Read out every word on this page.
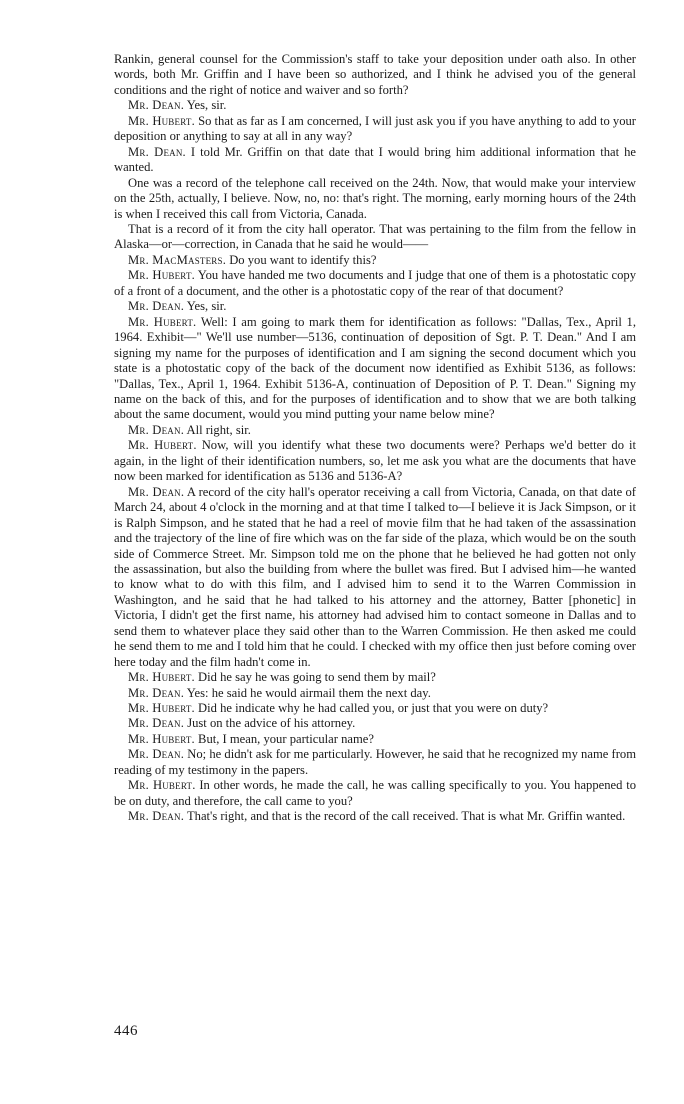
Rankin, general counsel for the Commission's staff to take your deposition under oath also. In other words, both Mr. Griffin and I have been so authorized, and I think he advised you of the general conditions and the right of notice and waiver and so forth?

Mr. Dean. Yes, sir.

Mr. Hubert. So that as far as I am concerned, I will just ask you if you have anything to add to your deposition or anything to say at all in any way?

Mr. Dean. I told Mr. Griffin on that date that I would bring him additional information that he wanted.

One was a record of the telephone call received on the 24th. Now, that would make your interview on the 25th, actually, I believe. Now, no, no: that's right. The morning, early morning hours of the 24th is when I received this call from Victoria, Canada.

That is a record of it from the city hall operator. That was pertaining to the film from the fellow in Alaska—or—correction, in Canada that he said he would——

Mr. MacMasters. Do you want to identify this?

Mr. Hubert. You have handed me two documents and I judge that one of them is a photostatic copy of a front of a document, and the other is a photostatic copy of the rear of that document?

Mr. Dean. Yes, sir.

Mr. Hubert. Well: I am going to mark them for identification as follows: "Dallas, Tex., April 1, 1964. Exhibit—" We'll use number—5136, continuation of deposition of Sgt. P. T. Dean." And I am signing my name for the purposes of identification and I am signing the second document which you state is a photostatic copy of the back of the document now identified as Exhibit 5136, as follows: "Dallas, Tex., April 1, 1964. Exhibit 5136-A, continuation of Deposition of P. T. Dean." Signing my name on the back of this, and for the purposes of identification and to show that we are both talking about the same document, would you mind putting your name below mine?

Mr. Dean. All right, sir.

Mr. Hubert. Now, will you identify what these two documents were? Perhaps we'd better do it again, in the light of their identification numbers, so, let me ask you what are the documents that have now been marked for identification as 5136 and 5136-A?

Mr. Dean. A record of the city hall's operator receiving a call from Victoria, Canada, on that date of March 24, about 4 o'clock in the morning and at that time I talked to—I believe it is Jack Simpson, or it is Ralph Simpson, and he stated that he had a reel of movie film that he had taken of the assassination and the trajectory of the line of fire which was on the far side of the plaza, which would be on the south side of Commerce Street. Mr. Simpson told me on the phone that he believed he had gotten not only the assassination, but also the building from where the bullet was fired. But I advised him—he wanted to know what to do with this film, and I advised him to send it to the Warren Commission in Washington, and he said that he had talked to his attorney and the attorney, Batter [phonetic] in Victoria, I didn't get the first name, his attorney had advised him to contact someone in Dallas and to send them to whatever place they said other than to the Warren Commission. He then asked me could he send them to me and I told him that he could. I checked with my office then just before coming over here today and the film hadn't come in.

Mr. Hubert. Did he say he was going to send them by mail?

Mr. Dean. Yes: he said he would airmail them the next day.

Mr. Hubert. Did he indicate why he had called you, or just that you were on duty?

Mr. Dean. Just on the advice of his attorney.

Mr. Hubert. But, I mean, your particular name?

Mr. Dean. No; he didn't ask for me particularly. However, he said that he recognized my name from reading of my testimony in the papers.

Mr. Hubert. In other words, he made the call, he was calling specifically to you. You happened to be on duty, and therefore, the call came to you?

Mr. Dean. That's right, and that is the record of the call received. That is what Mr. Griffin wanted.

446
